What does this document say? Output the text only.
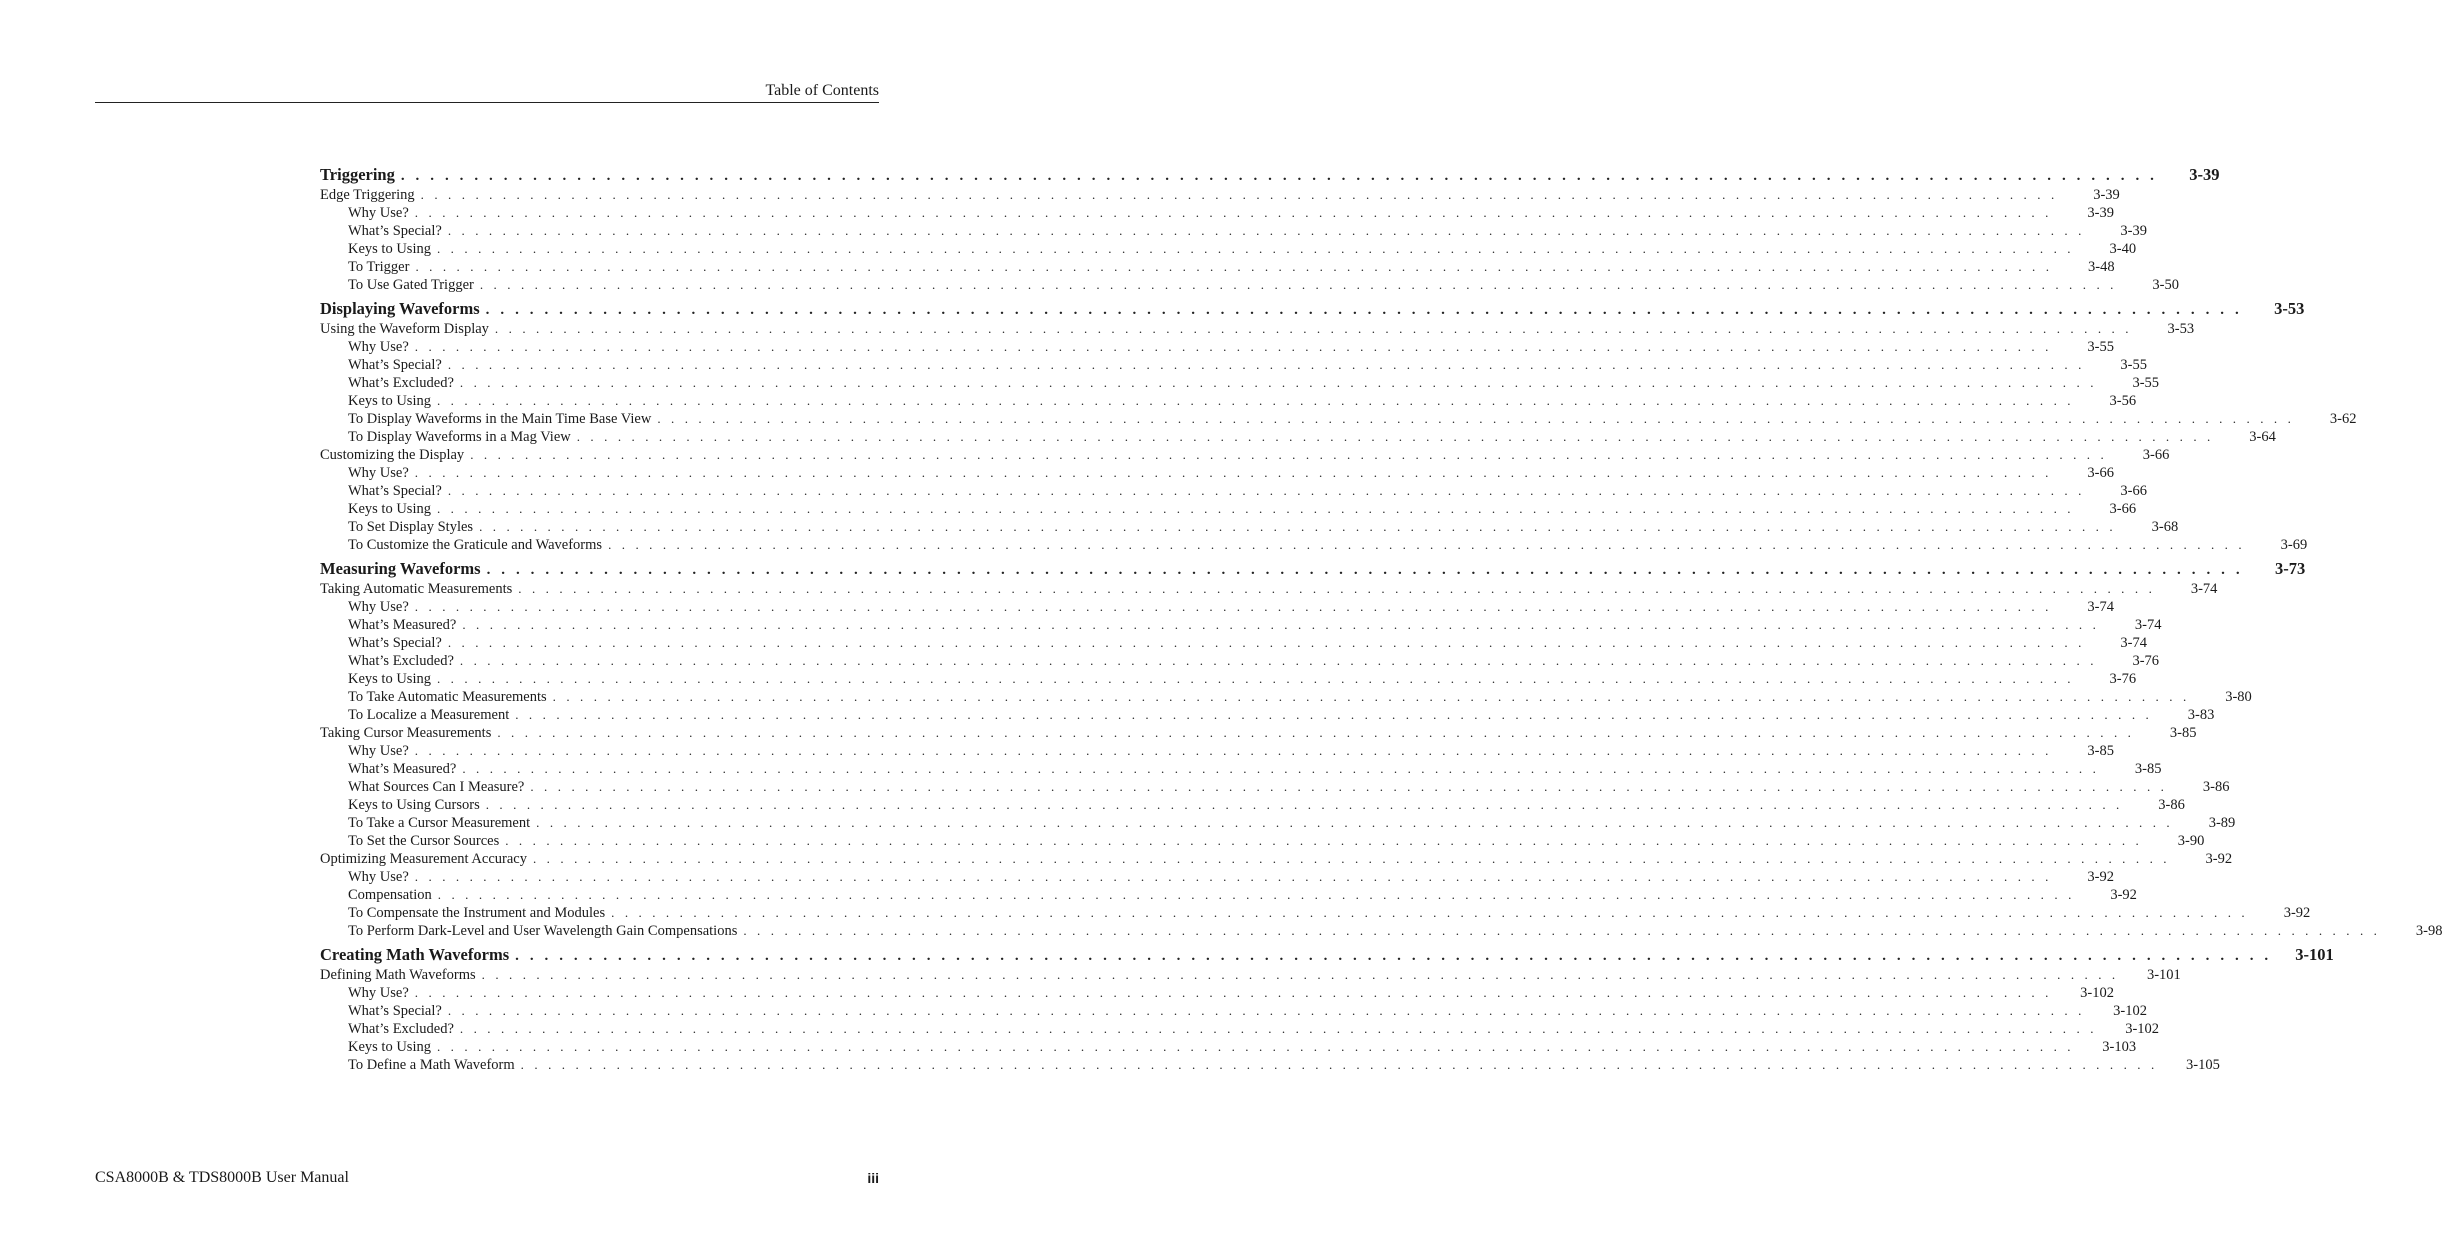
Table of Contents
Triggering . . . . . . . . . . . . . . . . . . . . . . . . . . . . . . . . . . . . . . . . . . . . . . . . . . . . . . . . . . . . . . . . . . . . . . . . . . . . . . . . . . . . . . . . . . . . . . . . . . . . . . . . . . . . . . . . . . . . . . . .	3-39
Edge Triggering . . . . . . . . . . . . . . . . . . . . . . . . . . . . . . . . . . . . . . . . . . . . . . . . . . . . . . . . . . . . . . . . . . . . . . . . . . . . . . . . . . . . . . . . . . . . . . . . . . . . . . . . . . . . . . . . . . . . . . . .	3-39
Why Use? . . . . . . . . . . . . . . . . . . . . . . . . . . . . . . . . . . . . . . . . . . . . . . . . . . . . . . . . . . . . . . . . . . . . . . . . . . . . . . . . . . . . . . . . . . . . . . . . . . . . . . . . . . . . . . . . . . . . . . . .	3-39
What’s Special? . . . . . . . . . . . . . . . . . . . . . . . . . . . . . . . . . . . . . . . . . . . . . . . . . . . . . . . . . . . . . . . . . . . . . . . . . . . . . . . . . . . . . . . . . . . . . . . . . . . . . . . . . . . . . . . . . . . . . . . .	3-39
Keys to Using . . . . . . . . . . . . . . . . . . . . . . . . . . . . . . . . . . . . . . . . . . . . . . . . . . . . . . . . . . . . . . . . . . . . . . . . . . . . . . . . . . . . . . . . . . . . . . . . . . . . . . . . . . . . . . . . . . . . . . . .	3-40
To Trigger . . . . . . . . . . . . . . . . . . . . . . . . . . . . . . . . . . . . . . . . . . . . . . . . . . . . . . . . . . . . . . . . . . . . . . . . . . . . . . . . . . . . . . . . . . . . . . . . . . . . . . . . . . . . . . . . . . . . . . . .	3-48
To Use Gated Trigger . . . . . . . . . . . . . . . . . . . . . . . . . . . . . . . . . . . . . . . . . . . . . . . . . . . . . . . . . . . . . . . . . . . . . . . . . . . . . . . . . . . . . . . . . . . . . . . . . . . . . . . . . . . . . . . . . . . . . . . .	3-50
Displaying Waveforms . . . . . . . . . . . . . . . . . . . . . . . . . . . . . . . . . . . . . . . . . . . . . . . . . . . . . . . . . . . . . . . . . . . . . . . . . . . . . . . . . . . . . . . . . . . . . . . . . . . . . . . . . . . . . . . . . . . . . . . .	3-53
Using the Waveform Display . . . . . . . . . . . . . . . . . . . . . . . . . . . . . . . . . . . . . . . . . . . . . . . . . . . . . . . . . . . . . . . . . . . . . . . . . . . . . . . . . . . . . . . . . . . . . . . . . . . . . . . . . . . . . . . . . . . . . . . .	3-53
Why Use? . . . . . . . . . . . . . . . . . . . . . . . . . . . . . . . . . . . . . . . . . . . . . . . . . . . . . . . . . . . . . . . . . . . . . . . . . . . . . . . . . . . . . . . . . . . . . . . . . . . . . . . . . . . . . . . . . . . . . . . .	3-55
What’s Special? . . . . . . . . . . . . . . . . . . . . . . . . . . . . . . . . . . . . . . . . . . . . . . . . . . . . . . . . . . . . . . . . . . . . . . . . . . . . . . . . . . . . . . . . . . . . . . . . . . . . . . . . . . . . . . . . . . . . . . . .	3-55
What’s Excluded? . . . . . . . . . . . . . . . . . . . . . . . . . . . . . . . . . . . . . . . . . . . . . . . . . . . . . . . . . . . . . . . . . . . . . . . . . . . . . . . . . . . . . . . . . . . . . . . . . . . . . . . . . . . . . . . . . . . . . . . .	3-55
Keys to Using . . . . . . . . . . . . . . . . . . . . . . . . . . . . . . . . . . . . . . . . . . . . . . . . . . . . . . . . . . . . . . . . . . . . . . . . . . . . . . . . . . . . . . . . . . . . . . . . . . . . . . . . . . . . . . . . . . . . . . . .	3-56
To Display Waveforms in the Main Time Base View . . . . . . . . . . . . . . . . . . . . . . . . . . . . . . . . . . . . . . . . . . . . . . . . . . . . . . . . . . . . . . . . . . . . . . . . . . . . . . . . . . . . . . . . . . . . . . . . . . . . . . . . . . . . . . . . . . . . . . . .	3-62
To Display Waveforms in a Mag View . . . . . . . . . . . . . . . . . . . . . . . . . . . . . . . . . . . . . . . . . . . . . . . . . . . . . . . . . . . . . . . . . . . . . . . . . . . . . . . . . . . . . . . . . . . . . . . . . . . . . . . . . . . . . . . . . . . . . . . .	3-64
Customizing the Display . . . . . . . . . . . . . . . . . . . . . . . . . . . . . . . . . . . . . . . . . . . . . . . . . . . . . . . . . . . . . . . . . . . . . . . . . . . . . . . . . . . . . . . . . . . . . . . . . . . . . . . . . . . . . . . . . . . . . . . .	3-66
Why Use? . . . . . . . . . . . . . . . . . . . . . . . . . . . . . . . . . . . . . . . . . . . . . . . . . . . . . . . . . . . . . . . . . . . . . . . . . . . . . . . . . . . . . . . . . . . . . . . . . . . . . . . . . . . . . . . . . . . . . . . .	3-66
What’s Special? . . . . . . . . . . . . . . . . . . . . . . . . . . . . . . . . . . . . . . . . . . . . . . . . . . . . . . . . . . . . . . . . . . . . . . . . . . . . . . . . . . . . . . . . . . . . . . . . . . . . . . . . . . . . . . . . . . . . . . . .	3-66
Keys to Using . . . . . . . . . . . . . . . . . . . . . . . . . . . . . . . . . . . . . . . . . . . . . . . . . . . . . . . . . . . . . . . . . . . . . . . . . . . . . . . . . . . . . . . . . . . . . . . . . . . . . . . . . . . . . . . . . . . . . . . .	3-66
To Set Display Styles . . . . . . . . . . . . . . . . . . . . . . . . . . . . . . . . . . . . . . . . . . . . . . . . . . . . . . . . . . . . . . . . . . . . . . . . . . . . . . . . . . . . . . . . . . . . . . . . . . . . . . . . . . . . . . . . . . . . . . . .	3-68
To Customize the Graticule and Waveforms . . . . . . . . . . . . . . . . . . . . . . . . . . . . . . . . . . . . . . . . . . . . . . . . . . . . . . . . . . . . . . . . . . . . . . . . . . . . . . . . . . . . . . . . . . . . . . . . . . . . . . . . . . . . . . . . . . . . . . . .	3-69
Measuring Waveforms . . . . . . . . . . . . . . . . . . . . . . . . . . . . . . . . . . . . . . . . . . . . . . . . . . . . . . . . . . . . . . . . . . . . . . . . . . . . . . . . . . . . . . . . . . . . . . . . . . . . . . . . . . . . . . . . . . . . . . . .	3-73
Taking Automatic Measurements . . . . . . . . . . . . . . . . . . . . . . . . . . . . . . . . . . . . . . . . . . . . . . . . . . . . . . . . . . . . . . . . . . . . . . . . . . . . . . . . . . . . . . . . . . . . . . . . . . . . . . . . . . . . . . . . . . . . . . . .	3-74
Why Use? . . . . . . . . . . . . . . . . . . . . . . . . . . . . . . . . . . . . . . . . . . . . . . . . . . . . . . . . . . . . . . . . . . . . . . . . . . . . . . . . . . . . . . . . . . . . . . . . . . . . . . . . . . . . . . . . . . . . . . . .	3-74
What’s Measured? . . . . . . . . . . . . . . . . . . . . . . . . . . . . . . . . . . . . . . . . . . . . . . . . . . . . . . . . . . . . . . . . . . . . . . . . . . . . . . . . . . . . . . . . . . . . . . . . . . . . . . . . . . . . . . . . . . . . . . . .	3-74
What’s Special? . . . . . . . . . . . . . . . . . . . . . . . . . . . . . . . . . . . . . . . . . . . . . . . . . . . . . . . . . . . . . . . . . . . . . . . . . . . . . . . . . . . . . . . . . . . . . . . . . . . . . . . . . . . . . . . . . . . . . . . .	3-74
What’s Excluded? . . . . . . . . . . . . . . . . . . . . . . . . . . . . . . . . . . . . . . . . . . . . . . . . . . . . . . . . . . . . . . . . . . . . . . . . . . . . . . . . . . . . . . . . . . . . . . . . . . . . . . . . . . . . . . . . . . . . . . . .	3-76
Keys to Using . . . . . . . . . . . . . . . . . . . . . . . . . . . . . . . . . . . . . . . . . . . . . . . . . . . . . . . . . . . . . . . . . . . . . . . . . . . . . . . . . . . . . . . . . . . . . . . . . . . . . . . . . . . . . . . . . . . . . . . .	3-76
To Take Automatic Measurements . . . . . . . . . . . . . . . . . . . . . . . . . . . . . . . . . . . . . . . . . . . . . . . . . . . . . . . . . . . . . . . . . . . . . . . . . . . . . . . . . . . . . . . . . . . . . . . . . . . . . . . . . . . . . . . . . . . . . . . .	3-80
To Localize a Measurement . . . . . . . . . . . . . . . . . . . . . . . . . . . . . . . . . . . . . . . . . . . . . . . . . . . . . . . . . . . . . . . . . . . . . . . . . . . . . . . . . . . . . . . . . . . . . . . . . . . . . . . . . . . . . . . . . . . . . . . .	3-83
Taking Cursor Measurements . . . . . . . . . . . . . . . . . . . . . . . . . . . . . . . . . . . . . . . . . . . . . . . . . . . . . . . . . . . . . . . . . . . . . . . . . . . . . . . . . . . . . . . . . . . . . . . . . . . . . . . . . . . . . . . . . . . . . . . .	3-85
Why Use? . . . . . . . . . . . . . . . . . . . . . . . . . . . . . . . . . . . . . . . . . . . . . . . . . . . . . . . . . . . . . . . . . . . . . . . . . . . . . . . . . . . . . . . . . . . . . . . . . . . . . . . . . . . . . . . . . . . . . . . .	3-85
What’s Measured? . . . . . . . . . . . . . . . . . . . . . . . . . . . . . . . . . . . . . . . . . . . . . . . . . . . . . . . . . . . . . . . . . . . . . . . . . . . . . . . . . . . . . . . . . . . . . . . . . . . . . . . . . . . . . . . . . . . . . . . .	3-85
What Sources Can I Measure? . . . . . . . . . . . . . . . . . . . . . . . . . . . . . . . . . . . . . . . . . . . . . . . . . . . . . . . . . . . . . . . . . . . . . . . . . . . . . . . . . . . . . . . . . . . . . . . . . . . . . . . . . . . . . . . . . . . . . . . .	3-86
Keys to Using Cursors . . . . . . . . . . . . . . . . . . . . . . . . . . . . . . . . . . . . . . . . . . . . . . . . . . . . . . . . . . . . . . . . . . . . . . . . . . . . . . . . . . . . . . . . . . . . . . . . . . . . . . . . . . . . . . . . . . . . . . . .	3-86
To Take a Cursor Measurement . . . . . . . . . . . . . . . . . . . . . . . . . . . . . . . . . . . . . . . . . . . . . . . . . . . . . . . . . . . . . . . . . . . . . . . . . . . . . . . . . . . . . . . . . . . . . . . . . . . . . . . . . . . . . . . . . . . . . . . .	3-89
To Set the Cursor Sources . . . . . . . . . . . . . . . . . . . . . . . . . . . . . . . . . . . . . . . . . . . . . . . . . . . . . . . . . . . . . . . . . . . . . . . . . . . . . . . . . . . . . . . . . . . . . . . . . . . . . . . . . . . . . . . . . . . . . . . .	3-90
Optimizing Measurement Accuracy . . . . . . . . . . . . . . . . . . . . . . . . . . . . . . . . . . . . . . . . . . . . . . . . . . . . . . . . . . . . . . . . . . . . . . . . . . . . . . . . . . . . . . . . . . . . . . . . . . . . . . . . . . . . . . . . . . . . . . . .	3-92
Why Use? . . . . . . . . . . . . . . . . . . . . . . . . . . . . . . . . . . . . . . . . . . . . . . . . . . . . . . . . . . . . . . . . . . . . . . . . . . . . . . . . . . . . . . . . . . . . . . . . . . . . . . . . . . . . . . . . . . . . . . . .	3-92
Compensation . . . . . . . . . . . . . . . . . . . . . . . . . . . . . . . . . . . . . . . . . . . . . . . . . . . . . . . . . . . . . . . . . . . . . . . . . . . . . . . . . . . . . . . . . . . . . . . . . . . . . . . . . . . . . . . . . . . . . . . .	3-92
To Compensate the Instrument and Modules . . . . . . . . . . . . . . . . . . . . . . . . . . . . . . . . . . . . . . . . . . . . . . . . . . . . . . . . . . . . . . . . . . . . . . . . . . . . . . . . . . . . . . . . . . . . . . . . . . . . . . . . . . . . . . . . . . . . . . . .	3-92
To Perform Dark-Level and User Wavelength Gain Compensations . . . . . . . . . . . . . . . . . . . . . . . . . . . . . . . . . . . . . . . . . . . . . . . . . . . . . . . . . . . . . . . . . . . . . . . . . . . . . . . . . . . . . . . . . . . . . . . . . . . . . . . . . . . . . . . . . . . . . . . .	3-98
Creating Math Waveforms . . . . . . . . . . . . . . . . . . . . . . . . . . . . . . . . . . . . . . . . . . . . . . . . . . . . . . . . . . . . . . . . . . . . . . . . . . . . . . . . . . . . . . . . . . . . . . . . . . . . . . . . . . . . . . . . . . . . . . . .	3-101
Defining Math Waveforms . . . . . . . . . . . . . . . . . . . . . . . . . . . . . . . . . . . . . . . . . . . . . . . . . . . . . . . . . . . . . . . . . . . . . . . . . . . . . . . . . . . . . . . . . . . . . . . . . . . . . . . . . . . . . . . . . . . . . . . .	3-101
Why Use? . . . . . . . . . . . . . . . . . . . . . . . . . . . . . . . . . . . . . . . . . . . . . . . . . . . . . . . . . . . . . . . . . . . . . . . . . . . . . . . . . . . . . . . . . . . . . . . . . . . . . . . . . . . . . . . . . . . . . . . .	3-102
What’s Special? . . . . . . . . . . . . . . . . . . . . . . . . . . . . . . . . . . . . . . . . . . . . . . . . . . . . . . . . . . . . . . . . . . . . . . . . . . . . . . . . . . . . . . . . . . . . . . . . . . . . . . . . . . . . . . . . . . . . . . . .	3-102
What’s Excluded? . . . . . . . . . . . . . . . . . . . . . . . . . . . . . . . . . . . . . . . . . . . . . . . . . . . . . . . . . . . . . . . . . . . . . . . . . . . . . . . . . . . . . . . . . . . . . . . . . . . . . . . . . . . . . . . . . . . . . . . .	3-102
Keys to Using . . . . . . . . . . . . . . . . . . . . . . . . . . . . . . . . . . . . . . . . . . . . . . . . . . . . . . . . . . . . . . . . . . . . . . . . . . . . . . . . . . . . . . . . . . . . . . . . . . . . . . . . . . . . . . . . . . . . . . . .	3-103
To Define a Math Waveform . . . . . . . . . . . . . . . . . . . . . . . . . . . . . . . . . . . . . . . . . . . . . . . . . . . . . . . . . . . . . . . . . . . . . . . . . . . . . . . . . . . . . . . . . . . . . . . . . . . . . . . . . . . . . . . . . . . . . . . .	3-105
CSA8000B & TDS8000B User Manual	iii
